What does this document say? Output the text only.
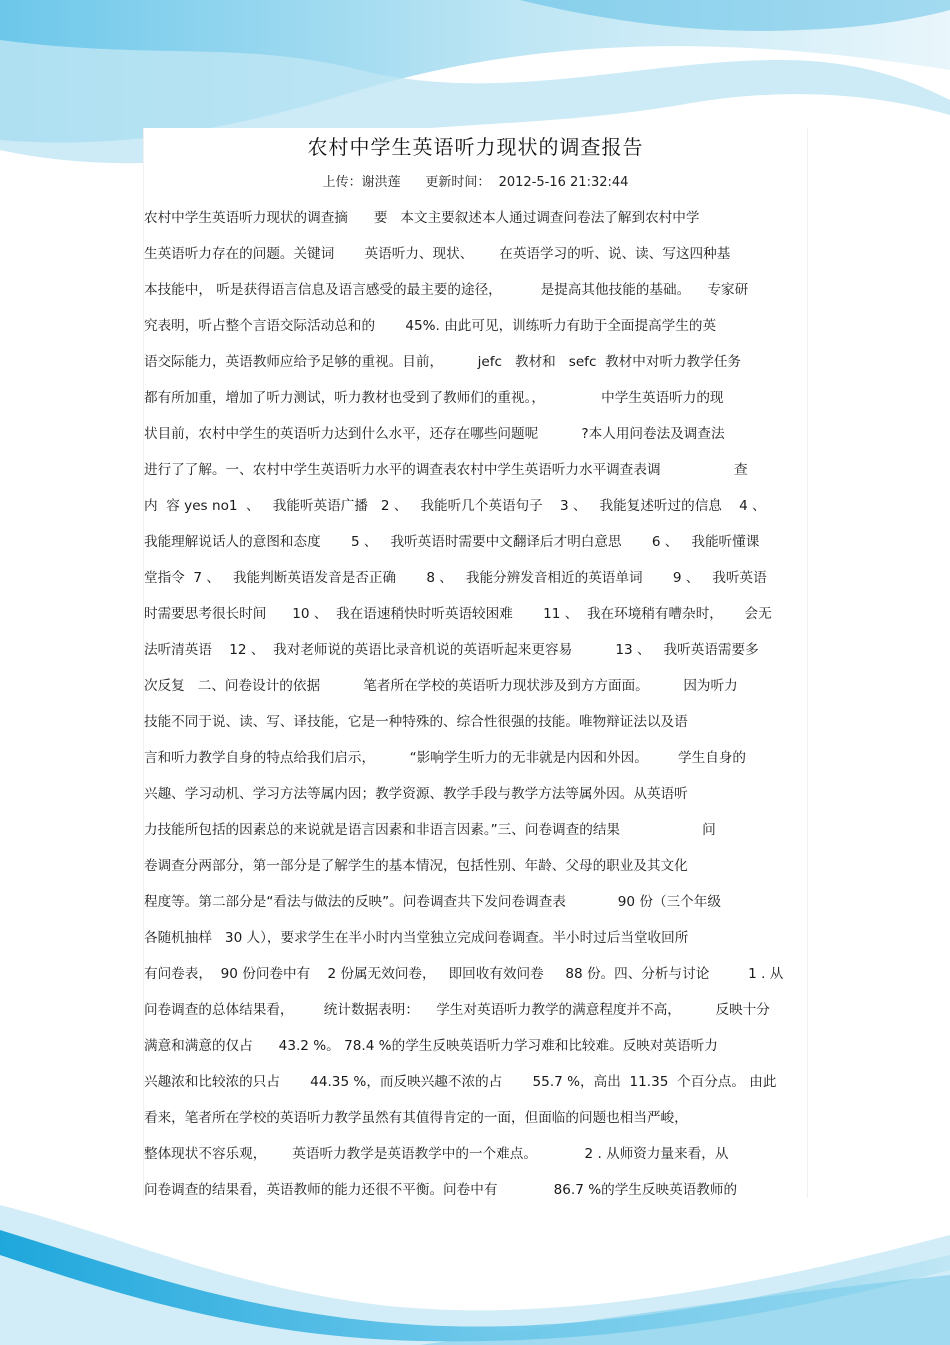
农村中学生英语听力现状的调查报告
上传：谢洪莲      更新时间：  2012-5-16 21:32:44
农村中学生英语听力现状的调查摘      要   本文主要叙述本人通过调查问卷法了解到农村中学
生英语听力存在的问题。关键词       英语听力、现状、      在英语学习的听、说、读、写这四种基
本技能中， 听是获得语言信息及语言感受的最主要的途径，         是提高其他技能的基础。    专家研
究表明，听占整个言语交际活动总和的       45%. 由此可见，训练听力有助于全面提高学生的英
语交际能力，英语教师应给予足够的重视。目前，        jefc   教材和   sefc  教材中对听力教学任务
都有所加重，增加了听力测试，听力教材也受到了教师们的重视。，             中学生英语听力的现
状目前，农村中学生的英语听力达到什么水平，还存在哪些问题呢          ?本人用问卷法及调查法
进行了了解。一、农村中学生英语听力水平的调查表农村中学生英语听力水平调查表调                 查
内  容 yes no1  、   我能听英语广播   2 、   我能听几个英语句子    3 、   我能复述听过的信息    4 、
我能理解说话人的意图和态度       5 、   我听英语时需要中文翻译后才明白意思       6 、   我能听懂课
堂指令  7 、   我能判断英语发音是否正确       8 、   我能分辨发音相近的英语单词       9 、   我听英语
时需要思考很长时间      10 、  我在语速稍快时听英语较困难       11 、  我在环境稍有嘈杂时，     会无
法听清英语    12 、  我对老师说的英语比录音机说的英语听起来更容易          13 、   我听英语需要多
次反复   二、问卷设计的依据          笔者所在学校的英语听力现状涉及到方方面面。        因为听力
技能不同于说、读、写、译技能，它是一种特殊的、综合性很强的技能。唯物辩证法以及语
言和听力教学自身的特点给我们启示，        “影响学生听力的无非就是内因和外因。       学生自身的
兴趣、学习动机、学习方法等属内因；教学资源、教学手段与教学方法等属外因。从英语听
力技能所包括的因素总的来说就是语言因素和非语言因素。”三、问卷调查的结果                   问
卷调查分两部分，第一部分是了解学生的基本情况，包括性别、年龄、父母的职业及其文化
程度等。第二部分是“看法与做法的反映”。问卷调查共下发问卷调查表            90 份（三个年级
各随机抽样   30 人），要求学生在半小时内当堂独立完成问卷调查。半小时过后当堂收回所
有问卷表，  90 份问卷中有    2 份属无效问卷，   即回收有效问卷     88 份。四、分析与讨论         1 . 从
问卷调查的总体结果看，       统计数据表明：    学生对英语听力教学的满意程度并不高，        反映十分
满意和满意的仅占      43.2 %。 78.4 %的学生反映英语听力学习难和比较难。反映对英语听力
兴趣浓和比较浓的只占       44.35 %，而反映兴趣不浓的占       55.7 %，高出  11.35  个百分点。 由此
看来，笔者所在学校的英语听力教学虽然有其值得肯定的一面，但面临的问题也相当严峻，
整体现状不容乐观，      英语听力教学是英语教学中的一个难点。           2 . 从师资力量来看，从
问卷调查的结果看，英语教师的能力还很不平衡。问卷中有             86.7 %的学生反映英语教师的
